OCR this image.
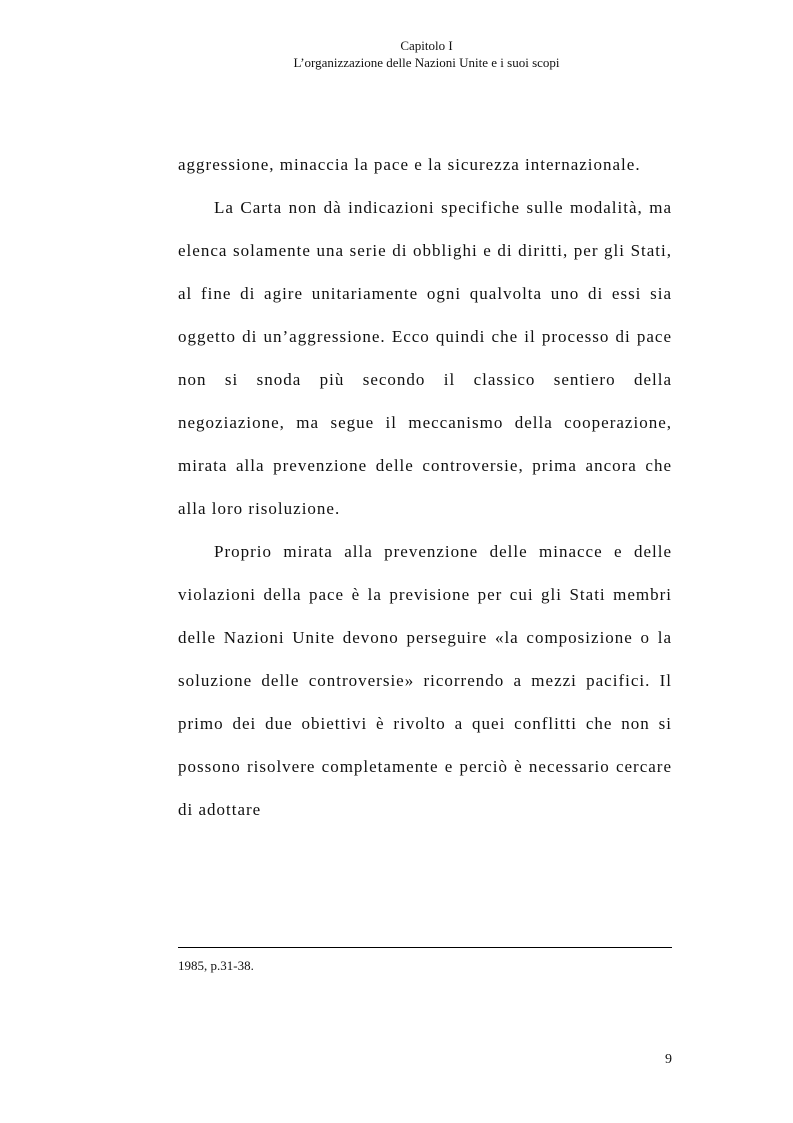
Capitolo I
L’organizzazione delle Nazioni Unite e i suoi scopi

aggressione, minaccia la pace e la sicurezza internazionale.

La Carta non dà indicazioni specifiche sulle modalità, ma elenca solamente una serie di obblighi e di diritti, per gli Stati, al fine di agire unitariamente ogni qualvolta uno di essi sia oggetto di un’aggressione. Ecco quindi che il processo di pace non si snoda più secondo il classico sentiero della negoziazione, ma segue il meccanismo della cooperazione, mirata alla prevenzione delle controversie, prima ancora che alla loro risoluzione.

Proprio mirata alla prevenzione delle minacce e delle violazioni della pace è la previsione per cui gli Stati membri delle Nazioni Unite devono perseguire «la composizione o la soluzione delle controversie» ricorrendo a mezzi pacifici. Il primo dei due obiettivi è rivolto a quei conflitti che non si possono risolvere completamente e perciò è necessario cercare di adottare

1985, p.31-38.
9
